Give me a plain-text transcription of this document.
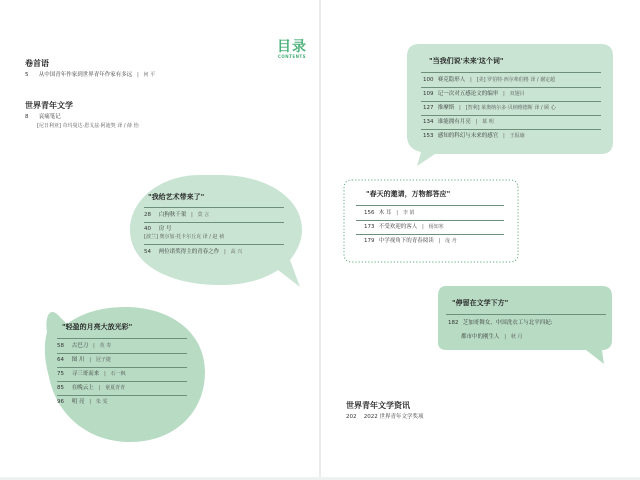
目录
CONTENTS
卷首语
5 从中国青年作家到世界青年作家有多远 | 何 平
世界青年文学
8 哀痛笔记
[尼日利亚] 奇玛曼达·恩戈兹·阿迪契 译 / 薛 怡
"我给艺术带来了"
28 白狗秋千架 | 莫 言
40 房 号
[波兰] 奥尔加·托卡尔丘克 译 / 赵 祯
54 两位诺奖得主的青春之作 | 高 兴
"轻盈的月亮大放光彩"
58 古巴刀 | 英 寿
64 图 川 | 冠子捷
75 寻三哥而来 | 石一枫
85 在晚云上 | 童夏青青
96 明 亮 | 朱 雯
"当我们说'未来'这个词"
100 赛克隐形人 | [美] 罗伯特·西尔弗伯格 译 / 谢定超
109 记一次对五感论文的编审 | 双翅目
127 推摩斯 | [智利] 莱奥纳尔多·贝纳维德斯 译 / 顾 心
134 谁能拥有月亮 | 慕 明
153 感知的科幻与未来的感官 | 王侃瑜
"春天的邀请，万物都答应"
156 木 耳 | 李 娟
173 不受欢迎的客人 | 杨知寒
179 中学视角下的青春阅读 | 庞 舟
"停留在文学下方"
182 芝加哥舞女、中国洗衣工与北平四妃:
都市中的刚生人 | 秋 月
世界青年文学资讯
202 2022 世界青年文学奖项
